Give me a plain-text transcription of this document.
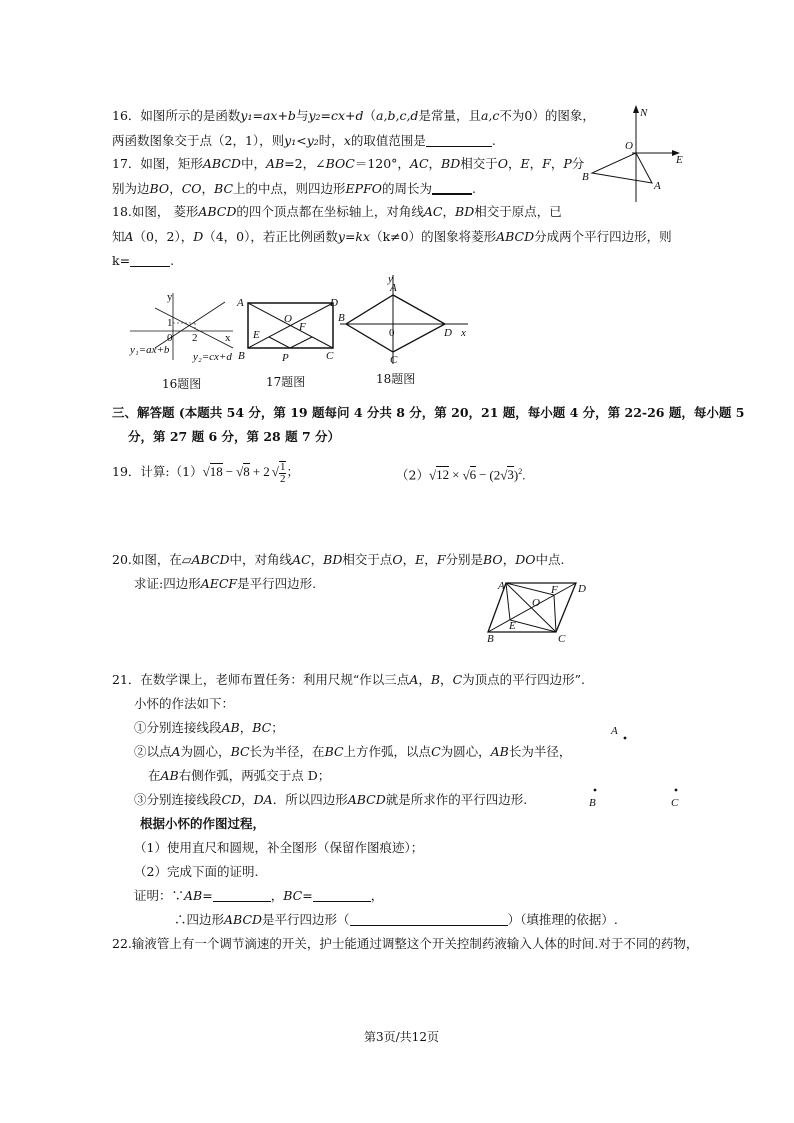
16．如图所示的是函数y₁=ax+b与y₂=cx+d（a,b,c,d是常量，且a,c不为0）的图象，
两函数图象交于点（2，1），则y₁<y₂时，x的取值范围是	.
N
E
O
B
A
17．如图，矩形ABCD中，AB=2，∠BOC＝120°，AC，BD相交于O，E，F，P分
别为边BO，CO，BC上的中点，则四边形EPFO的周长为	.
18.如图， 菱形ABCD的四个顶点都在坐标轴上，对角线AC，BD相交于原点，已
知A（0，2），D（4，0），若正比例函数y=kx（k≠0）的图象将菱形ABCD分成两个平行四边形，则
k=	.
y
x
1
0 2
y₁=ax+b
y₂=cx+d
A	D
B	C
O
E
F
P
y
x
A
B
C
D
0
16题图	17题图	18题图
三、解答题 (本题共 54 分，第 19 题每问 4 分共 8 分，第 20，21 题，每小题 4 分，第 22-26 题，每小题 5
分，第 27 题 6 分，第 28 题 7 分）
19．计算:（1）√18 − √8 + 2 √ $\frac{1}{2}$ ；	$(2)√12 \times √6 - (2√3)^2$.
20.如图，在▱ABCD中，对角线AC，BD相交于点O，E，F分别是BO，DO中点.
求证:四边形AECF是平行四边形.	A	D
B	C
O
F
E
21．在数学课上，老师布置任务：利用尺规“作以三点A，B，C为顶点的平行四边形”.
小怀的作法如下：
①分别连接线段AB，BC；
②以点A为圆心，BC长为半径，在BC上方作弧，以点C为圆心，AB长为半径，
在AB右侧作弧，两弧交于点 D；
③分别连接线段CD，DA．所以四边形ABCD就是所求作的平行四边形.
A
B	C
根据小怀的作图过程，
（1）使用直尺和圆规，补全图形（保留作图痕迹）；
（2）完成下面的证明.
证明：∵AB=	，BC=	，
∴四边形ABCD是平行四边形（	）（填推理的依据）.
22.输液管上有一个调节滴速的开关，护士能通过调整这个开关控制药液输入人体的时间.对于不同的药物，
第3页/共12页
